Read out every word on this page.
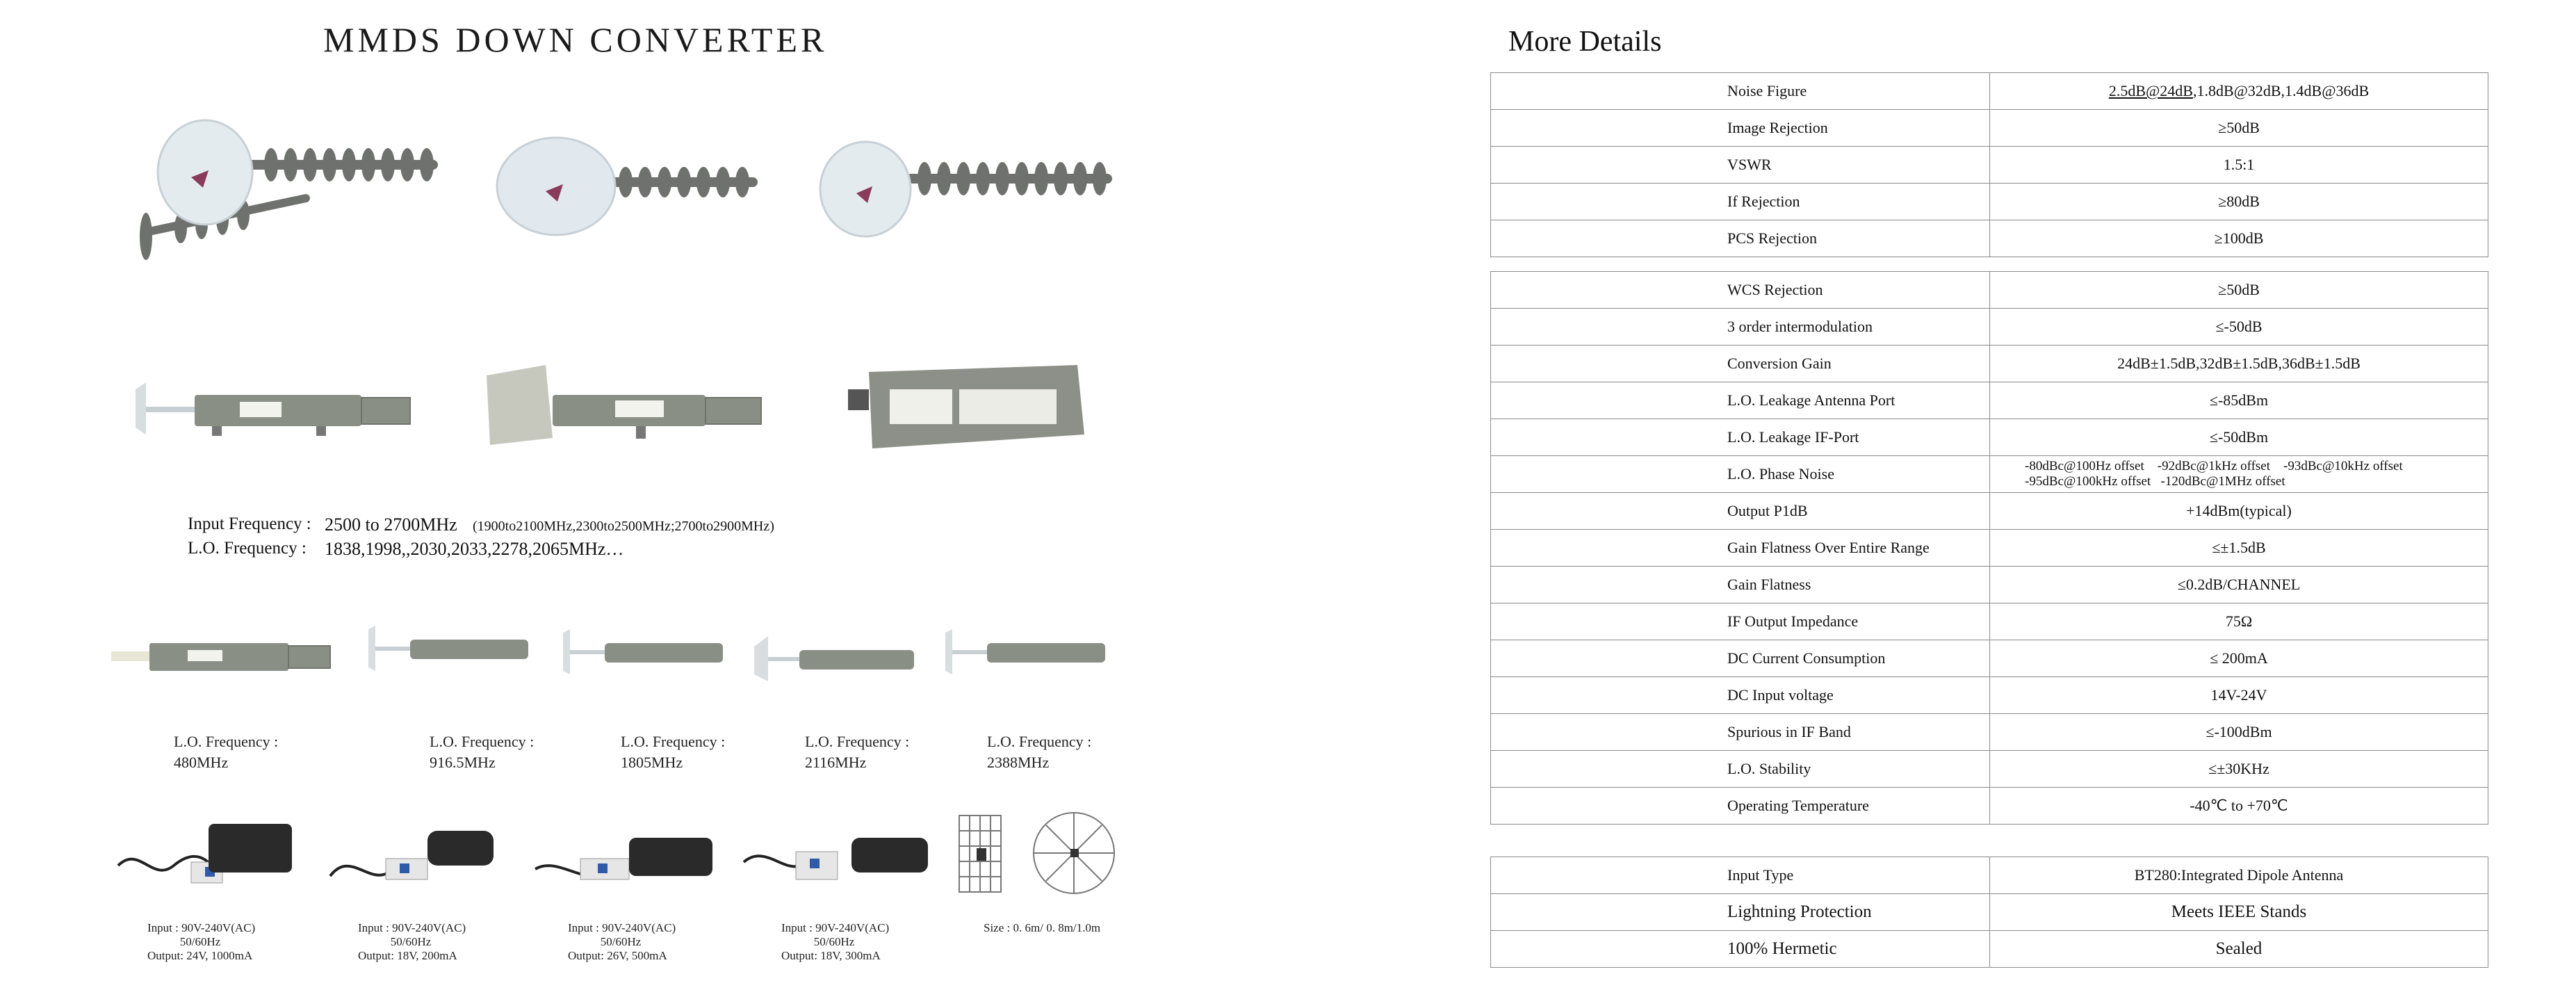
MMDS DOWN CONVERTER
Input Frequency : 2500 to 2700MHz (1900to2100MHz,2300to2500MHz;2700to2900MHz)
L.O. Frequency : 1838,1998,,2030,2033,2278,2065MHz…
L.O. Frequency :
480MHz
L.O. Frequency :
916.5MHz
L.O. Frequency :
1805MHz
L.O. Frequency :
2116MHz
L.O. Frequency :
2388MHz
Input : 90V-240V(AC)
50/60Hz
Output: 24V, 1000mA
Input : 90V-240V(AC)
50/60Hz
Output: 18V, 200mA
Input : 90V-240V(AC)
50/60Hz
Output: 26V, 500mA
Input : 90V-240V(AC)
50/60Hz
Output: 18V, 300mA
Size : 0. 6m/ 0. 8m/1.0m
More Details
Noise Figure	2.5dB@24dB,1.8dB@32dB,1.4dB@36dB
Image Rejection	≥50dB
VSWR	1.5:1
If Rejection	≥80dB
PCS Rejection	≥100dB
WCS Rejection	≥50dB
3 order intermodulation	≤-50dB
Conversion Gain	24dB±1.5dB,32dB±1.5dB,36dB±1.5dB
L.O. Leakage Antenna Port	≤-85dBm
L.O. Leakage IF-Port	≤-50dBm
L.O. Phase Noise	-80dBc@100Hz offset    -92dBc@1kHz offset    -93dBc@10kHz offset
-95dBc@100kHz offset   -120dBc@1MHz offset

Output P1dB	+14dBm(typical)
Gain Flatness Over Entire Range	≤±1.5dB
Gain Flatness	≤0.2dB/CHANNEL
IF Output Impedance	75Ω
DC Current Consumption	≤ 200mA
DC Input voltage	14V-24V
Spurious in IF Band	≤-100dBm
L.O. Stability	≤±30KHz
Operating Temperature	-40℃ to +70℃
Input Type	BT280:Integrated Dipole Antenna
Lightning Protection	Meets IEEE Stands
100% Hermetic	Sealed
